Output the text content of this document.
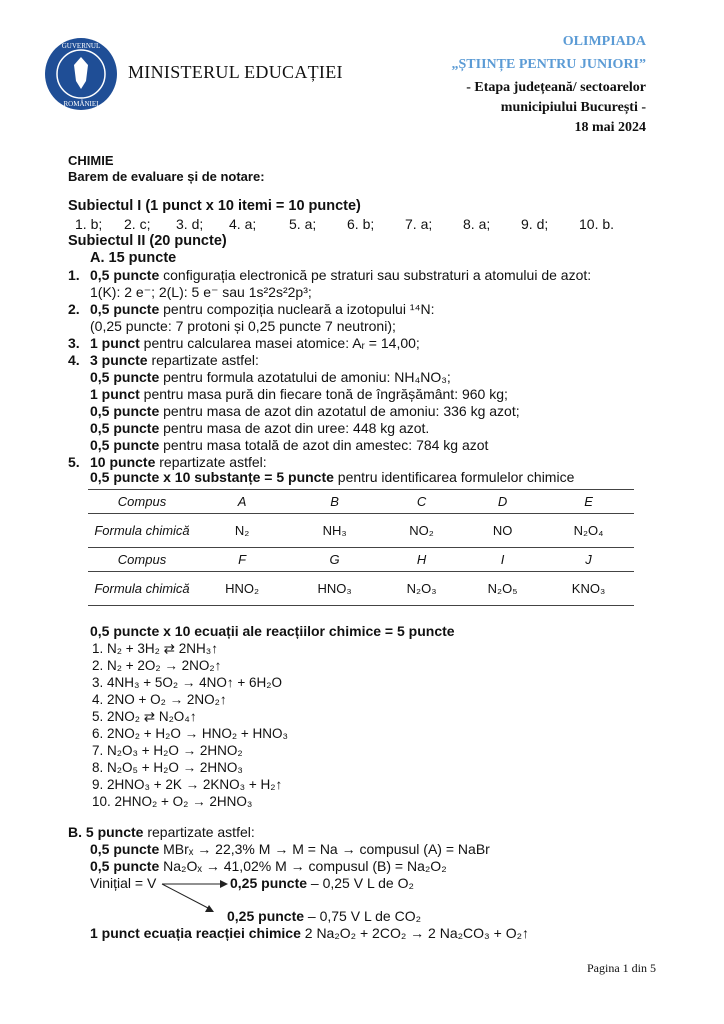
GUVERNUL
ROMÂNIEI
MINISTERUL EDUCAȚIEI
OLIMPIADA
„ȘTIINȚE PENTRU JUNIORI”
- Etapa județeană/ sectoarelor
municipiului București -
18 mai 2024
CHIMIE
Barem de evaluare și de notare:
Subiectul I (1 punct x 10 itemi = 10 puncte)
1. b; 2. c; 3. d; 4. a; 5. a; 6. b; 7. a; 8. a; 9. d; 10. b.
Subiectul II (20 puncte)
A. 15 puncte
1. 0,5 puncte configurația electronică pe straturi sau substraturi a atomului de azot:
1(K): 2 e⁻; 2(L): 5 e⁻ sau 1s²2s²2p³;
2. 0,5 puncte pentru compoziția nucleară a izotopului ¹⁴N:
(0,25 puncte: 7 protoni și 0,25 puncte 7 neutroni);
3. 1 punct pentru calcularea masei atomice: Aᵣ = 14,00;
4. 3 puncte repartizate astfel:
0,5 puncte pentru formula azotatului de amoniu: NH₄NO₃;
1 punct pentru masa pură din fiecare tonă de îngrășământ: 960 kg;
0,5 puncte pentru masa de azot din azotatul de amoniu: 336 kg azot;
0,5 puncte pentru masa de azot din uree: 448 kg azot.
0,5 puncte pentru masa totală de azot din amestec: 784 kg azot
5. 10 puncte repartizate astfel:
0,5 puncte x 10 substanțe = 5 puncte pentru identificarea formulelor chimice
Compus	A	B	C	D	E
Formula chimică	N₂	NH₃	NO₂	NO	N₂O₄
Compus	F	G	H	I	J
Formula chimică	HNO₂	HNO₃	N₂O₃	N₂O₅	KNO₃
0,5 puncte x 10 ecuații ale reacțiilor chimice = 5 puncte
1. N₂ + 3H₂ ⇄ 2NH₃↑
2. N₂ + 2O₂ → 2NO₂↑
3. 4NH₃ + 5O₂ → 4NO↑ + 6H₂O
4. 2NO + O₂ → 2NO₂↑
5. 2NO₂ ⇄ N₂O₄↑
6. 2NO₂ + H₂O → HNO₂ + HNO₃
7. N₂O₃ + H₂O → 2HNO₂
8. N₂O₅ + H₂O → 2HNO₃
9. 2HNO₃ + 2K → 2KNO₃ + H₂↑
10. 2HNO₂ + O₂ → 2HNO₃
B. 5 puncte repartizate astfel:
0,5 puncte MBrₓ → 22,3% M → M = Na → compusul (A) = NaBr
0,5 puncte Na₂Oₓ → 41,02% M → compusul (B) = Na₂O₂
Vinițial = V	0,25 puncte – 0,25 V L de O₂
0,25 puncte – 0,75 V L de CO₂
1 punct ecuația reacției chimice 2 Na₂O₂ + 2CO₂ → 2 Na₂CO₃ + O₂↑
Pagina 1 din 5
